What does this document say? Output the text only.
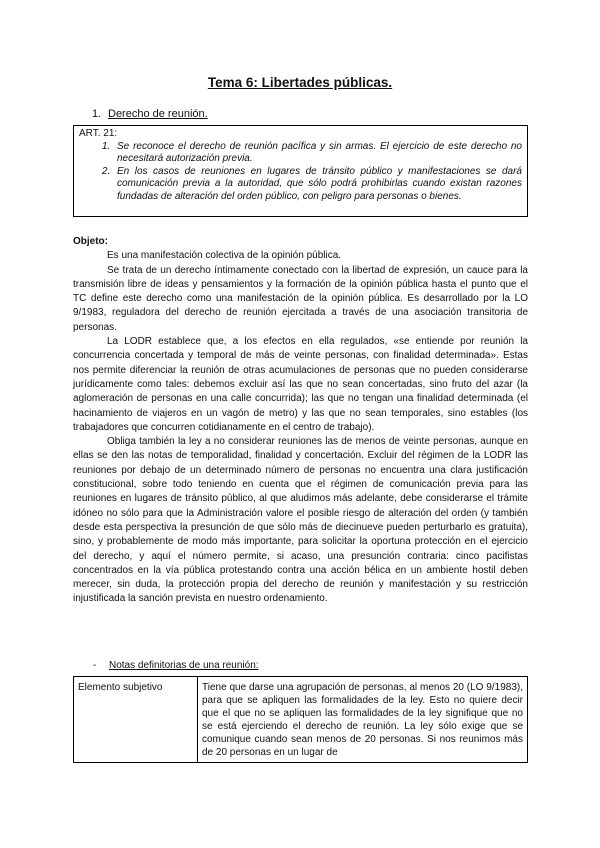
Tema 6: Libertades públicas.
1. Derecho de reunión.
ART. 21:
1. Se reconoce el derecho de reunión pacífica y sin armas. El ejercicio de este derecho no necesitará autorización previa.
2. En los casos de reuniones en lugares de tránsito público y manifestaciones se dará comunicación previa a la autoridad, que sólo podrá prohibirlas cuando existan razones fundadas de alteración del orden público, con peligro para personas o bienes.

Objeto:

Es una manifestación colectiva de la opinión pública.

Se trata de un derecho íntimamente conectado con la libertad de expresión, un cauce para la transmisión libre de ideas y pensamientos y la formación de la opinión pública hasta el punto que el TC define este derecho como una manifestación de la opinión pública. Es desarrollado por la LO 9/1983, reguladora del derecho de reunión ejercitada a través de una asociación transitoria de personas.

La LODR establece que, a los efectos en ella regulados, «se entiende por reunión la concurrencia concertada y temporal de más de veinte personas, con finalidad determinada». Estas nos permite diferenciar la reunión de otras acumulaciones de personas que no pueden considerarse jurídicamente como tales: debemos excluir así las que no sean concertadas, sino fruto del azar (la aglomeración de personas en una calle concurrida); las que no tengan una finalidad determinada (el hacinamiento de viajeros en un vagón de metro) y las que no sean temporales, sino estables (los trabajadores que concurren cotidianamente en el centro de trabajo).

Obliga también la ley a no considerar reuniones las de menos de veinte personas, aunque en ellas se den las notas de temporalidad, finalidad y concertación. Excluir del régimen de la LODR las reuniones por debajo de un determinado número de personas no encuentra una clara justificación constitucional, sobre todo teniendo en cuenta que el régimen de comunicación previa para las reuniones en lugares de tránsito público, al que aludimos más adelante, debe considerarse el trámite idóneo no sólo para que la Administración valore el posible riesgo de alteración del orden (y también desde esta perspectiva la presunción de que sólo más de diecinueve pueden perturbarlo es gratuita), sino, y probablemente de modo más importante, para solicitar la oportuna protección en el ejercicio del derecho, y aquí el número permite, si acaso, una presunción contraria: cinco pacifistas concentrados en la vía pública protestando contra una acción bélica en un ambiente hostil deben merecer, sin duda, la protección propia del derecho de reunión y manifestación y su restricción injustificada la sanción prevista en nuestro ordenamiento.

- Notas definitorias de una reunión:
Elemento subjetivo	Tiene que darse una agrupación de personas, al menos 20 (LO 9/1983), para que se apliquen las formalidades de la ley. Esto no quiere decir que el que no se apliquen las formalidades de la ley signifique que no se está ejerciendo el derecho de reunión. La ley sólo exige que se comunique cuando sean menos de 20 personas. Si nos reunimos más de 20 personas en un lugar de
